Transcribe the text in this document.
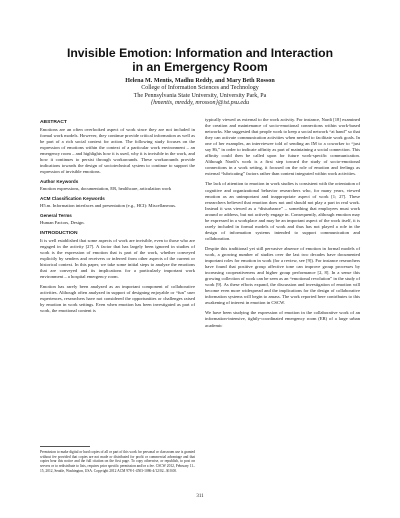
Invisible Emotion: Information and Interaction
in an Emergency Room
Helena M. Mentis, Madhu Reddy, and Mary Beth Rosson
College of Information Sciences and Technology
The Pennsylvania State University, University Park, Pa
{hmentis, mreddy, mrosson}@ist.psu.edu
ABSTRACT

Emotions are an often overlooked aspect of work since they are not included in formal work models. However, they continue provide critical information as well as be part of a rich social context for action. The following study focuses on the expression of emotions within the context of a particular work environment – an emergency room – and highlights how it is used, why it is invisible in the work, and how it continues to persist through workarounds. These workarounds provide indications towards the design of sociotechnical system to continue to support the expression of invisible emotions.

Author Keywords

Emotion expressions, documentation, ER, healthcare, articulation work

ACM Classification Keywords

H5.m. Information interfaces and presentation (e.g., HCI): Miscellaneous.

General Terms

Human Factors, Design.

INTRODUCTION

It is well established that some aspects of work are invisible, even to those who are engaged in the activity [27]. A factor that has largely been ignored in studies of work is the expression of emotion that is part of the work, whether conveyed explicitly by senders and receivers or inferred from other aspects of the current or historical context. In this paper, we take some initial steps to analyze the emotions that are conveyed and its implications for a particularly important work environment – a hospital emergency room.

Emotion has rarely been analyzed as an important component of collaborative activities. Although often analyzed in support of designing enjoyable or “fun” user experiences, researchers have not considered the opportunities or challenges raised by emotion in work settings. Even when emotion has been investigated as part of work, the emotional content is

Permission to make digital or hard copies of all or part of this work for personal or classroom use is granted without fee provided that copies are not made or distributed for profit or commercial advantage and that copies bear this notice and the full citation on the first page. To copy otherwise, or republish, to post on servers or to redistribute to lists, requires prior specific permission and/or a fee. CSCW 2012, February 11–15, 2012, Seattle, Washington, USA. Copyright 2012 ACM 978-1-4503-1086-4/12/02...$10.00.

typically viewed as external to the work activity. For instance, Nardi [18] examined the creation and maintenance of socio-emotional connections within work-based networks. She suggested that people work to keep a social network “at hand” so that they can activate communication activities when needed to facilitate work goals. In one of her examples, an interviewee told of sending an IM to a coworker to “just say Hi,” in order to indicate affinity as part of maintaining a social connection. This affinity could then be called upon for future work-specific communication. Although Nardi’s work is a first step toward the study of socio-emotional connections in a work setting, it focused on the role of emotion and feelings as external “lubricating” factors rather than content integrated within work activities.

The lack of attention to emotion in work studies is consistent with the orientation of cognitive and organizational behavior researchers who, for many years, viewed emotion as an unimportant and inappropriate aspect of work [1; 27]. These researchers believed that emotion does not and should not play a part in real work. Instead it was viewed as a “disturbance” – something that employees must work around or address, but not actively engage in. Consequently, although emotion may be expressed in a workplace and may be an important aspect of the work itself, it is rarely included in formal models of work and thus has not played a role in the design of information systems intended to support communication and collaboration.

Despite this traditional yet still pervasive absence of emotion in formal models of work, a growing number of studies over the last two decades have documented important roles for emotion in work (for a review, see [9]). For instance researchers have found that positive group affective tone can improve group processes by increasing cooperativeness and higher group performance [2, 8]. In a sense this growing collection of work can be seen as an “emotional revolution” in the study of work [9]. As these efforts expand, the discussion and investigation of emotion will become even more widespread and the implications for the design of collaborative information systems will begin to amass. The work reported here contributes to this awakening of interest in emotion in CSCW.

We have been studying the expression of emotion in the collaborative work of an information-intensive, tightly-coordinated emergency room (ER) of a large urban academic

311
